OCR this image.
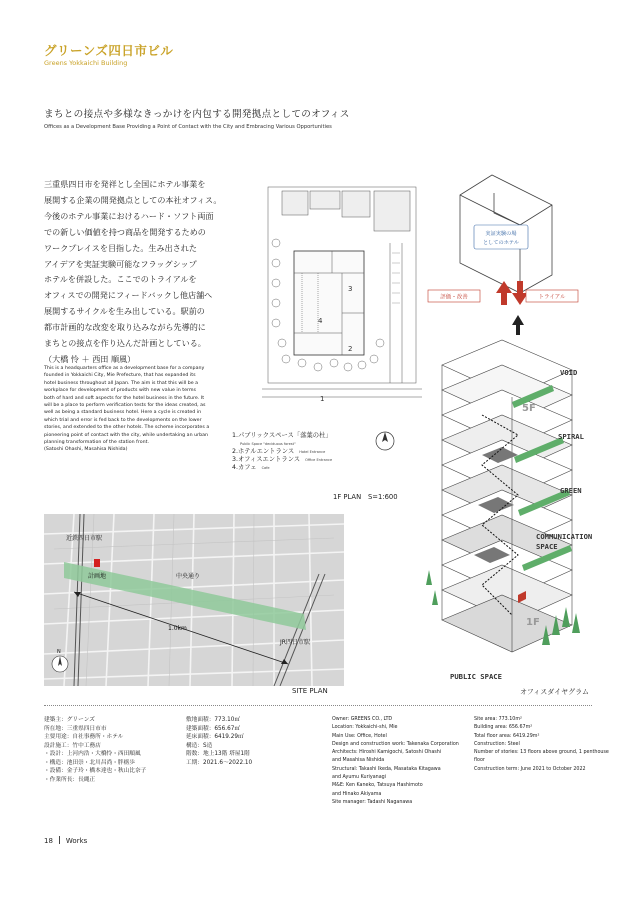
グリーンズ四日市ビル
Greens Yokkaichi Building
まちとの接点や多様なきっかけを内包する開発拠点としてのオフィス
Offices as a Development Base Providing a Point of Contact with the City and Embracing Various Opportunities

三重県四日市を発祥とし全国にホテル事業を

展開する企業の開発拠点としての本社オフィス。

今後のホテル事業におけるハード・ソフト両面

での新しい価値を持つ商品を開発するための

ワークプレイスを目指した。生み出された

アイデアを実証実験可能なフラッグシップ

ホテルを併設した。ここでのトライアルを

オフィスでの開発にフィードバックし他店舗へ

展開するサイクルを生み出している。駅前の

都市計画的な改変を取り込みながら先導的に

まちとの接点を作り込んだ計画としている。

（大橋 怜 ＋ 西田 順風）

This is a headquarters office as a development base for a company

founded in Yokkaichi City, Mie Prefecture, that has expanded its

hotel business throughout all Japan. The aim is that this will be a

workplace for development of products with new value in terms

both of hard and soft aspects for the hotel business in the future. It

will be a place to perform verification tests for the ideas created, as

well as being a standard business hotel. Here a cycle is created in

which trial and error is fed back to the developments on the lower

stories, and extended to the other hotels. The scheme incorporates a

pioneering point of contact with the city, while undertaking an urban

planning transformation of the station front.

(Satoshi Ohashi, Masahisa Nishida)

1
2
3
4
1.パブリックスペース「落葉の杜」
Public Space "deciduous forest"
2.ホテルエントランス Hotel Entrance
3.オフィスエントランス Office Entrance
4.カフェ Cafe
1F PLAN　S=1:600
近鉄四日市駅
計画地	中央通り
1.0km
JR四日市駅
N
SITE PLAN
実証実験の場
としてのホテル
評価・改善	トライアル
5F
1F
VOID
SPIRAL
GREEN
COMMUNICATION
SPACE
PUBLIC SPACE
オフィスダイヤグラム

建築主：グリーンズ

所在地：三重県四日市市

主要用途：自社事務所・ホテル

設計施工：竹中工務店

・設計：上河内浩・大橋怜・西田順風

・構造：池田崇・北川昌尚・胖栃歩

・設備：金子玲・橋本達也・秋山比奈子

・作業所長：長縄正

敷地面積：773.10㎡

建築面積：656.67㎡

延床面積：6419.29㎡

構造：S造

階数：地上13階 塔屋1階

工期：2021.6〜2022.10

Owner: GREENS CO., LTD

Location: Yokkaichi-shi, Mie

Main Use: Office, Hotel

Design and construction work: Takenaka Corporation

Architects: Hiroshi Kamigochi, Satoshi Ohashi

and Masahisa Nishida

Structural: Takashi Ikeda, Masataka Kitagawa

and Ayumu Kuriyanagi

M&E: Ken Kaneko, Tatsuya Hashimoto

and Hinako Akiyama

Site manager: Tadashi Naganawa

Site area: 773.10m²

Building area: 656.67m²

Total floor area: 6419.29m²

Construction: Steel

Number of stories: 13 floors above ground, 1 penthouse

floor

Construction term: June 2021 to October 2022

18 Works
